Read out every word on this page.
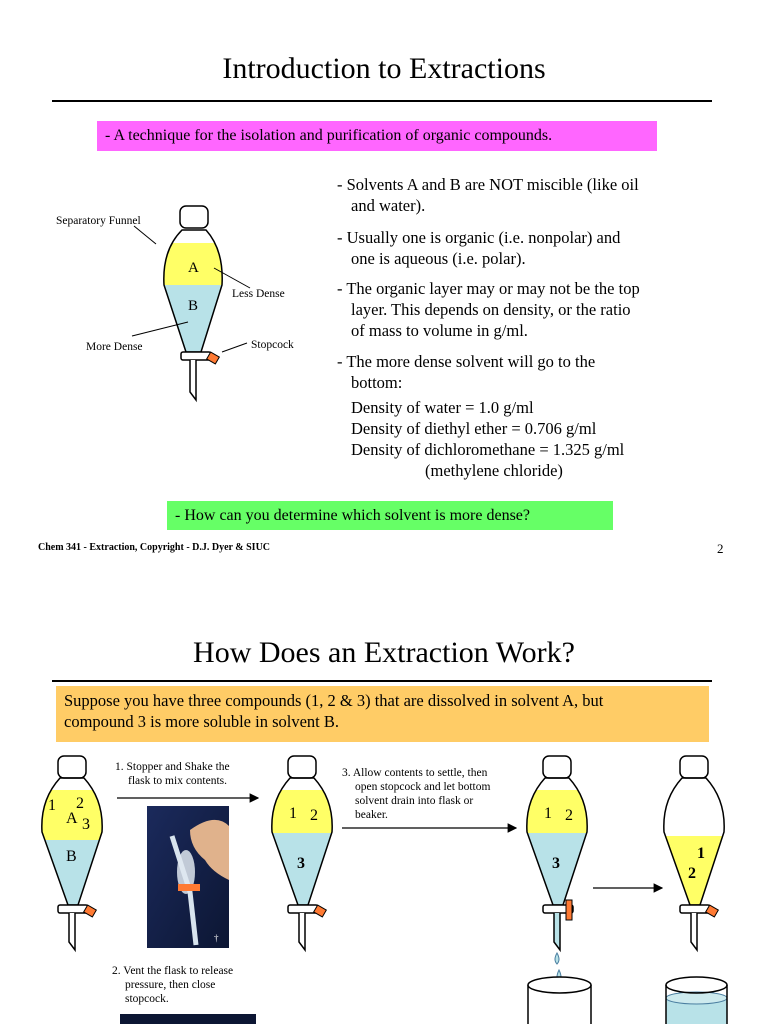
Introduction to Extractions
- A technique for the isolation and purification of organic compounds.
Separatory Funnel
A
B
Less Dense
More Dense	Stopcock
- Solvents A and B are NOT miscible (like oil
and water).
- Usually one is organic (i.e. nonpolar) and
one is aqueous (i.e. polar).
- The organic layer may or may not be the top
layer. This depends on density, or the ratio
of mass to volume in g/ml.
- The more dense solvent will go to the
bottom:
Density of water = 1.0 g/ml
Density of diethyl ether = 0.706 g/ml
Density of dichloromethane = 1.325 g/ml
(methylene chloride)
- How can you determine which solvent is more dense?
Chem 341 - Extraction, Copyright - D.J. Dyer & SIUC	2
How Does an Extraction Work?
Suppose you have three compounds (1, 2 & 3) that are dissolved in solvent A, but
compound 3 is more soluble in solvent B.
1. Stopper and Shake the
flask to mix contents.
2. Vent the flask to release
pressure, then close
stopcock.
3. Allow contents to settle, then
open stopcock and let bottom
solvent drain into flask or
beaker.
1 2
A 3
B
†
1 2
3
1 2
3
1
2
